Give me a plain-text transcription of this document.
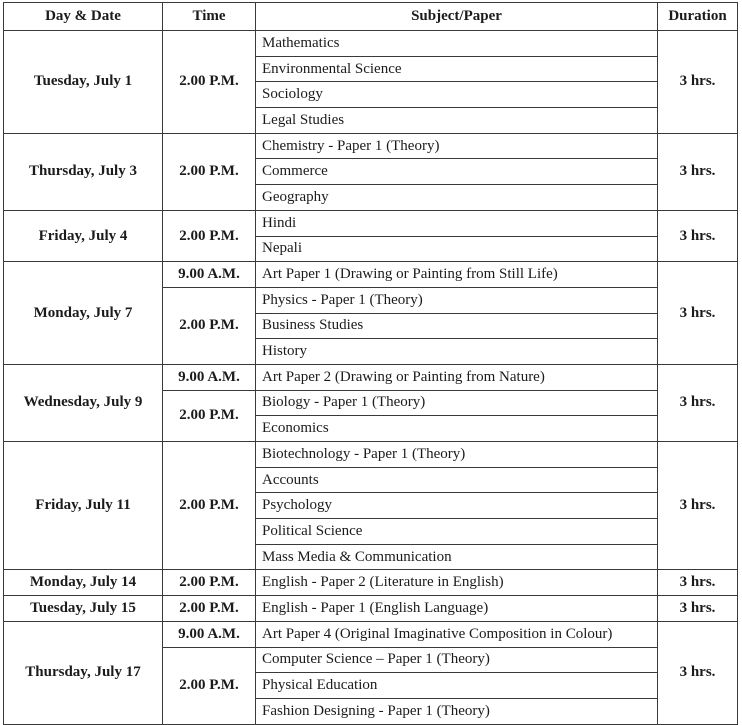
Day & Date	Time	Subject/Paper	Duration
Tuesday, July 1	2.00 P.M.	Mathematics	3 hrs.
		Environmental Science	
		Sociology	
		Legal Studies	
Thursday, July 3	2.00 P.M.	Chemistry - Paper 1 (Theory)	3 hrs.
		Commerce	
		Geography	
Friday, July 4	2.00 P.M.	Hindi	3 hrs.
		Nepali	
Monday, July 7	9.00 A.M.	Art Paper 1 (Drawing or Painting from Still Life)	3 hrs.
	2.00 P.M.	Physics - Paper 1 (Theory)	
		Business Studies	
		History	
Wednesday, July 9	9.00 A.M.	Art Paper 2 (Drawing or Painting from Nature)	3 hrs.
	2.00 P.M.	Biology - Paper 1 (Theory)	
		Economics	
Friday, July 11	2.00 P.M.	Biotechnology - Paper 1 (Theory)	3 hrs.
		Accounts	
		Psychology	
		Political Science	
		Mass Media & Communication	
Monday, July 14	2.00 P.M.	English - Paper 2 (Literature in English)	3 hrs.
Tuesday, July 15	2.00 P.M.	English - Paper 1 (English Language)	3 hrs.
Thursday, July 17	9.00 A.M.	Art Paper 4 (Original Imaginative Composition in Colour)	3 hrs.
	2.00 P.M.	Computer Science – Paper 1 (Theory)	
		Physical Education	
		Fashion Designing - Paper 1 (Theory)	
